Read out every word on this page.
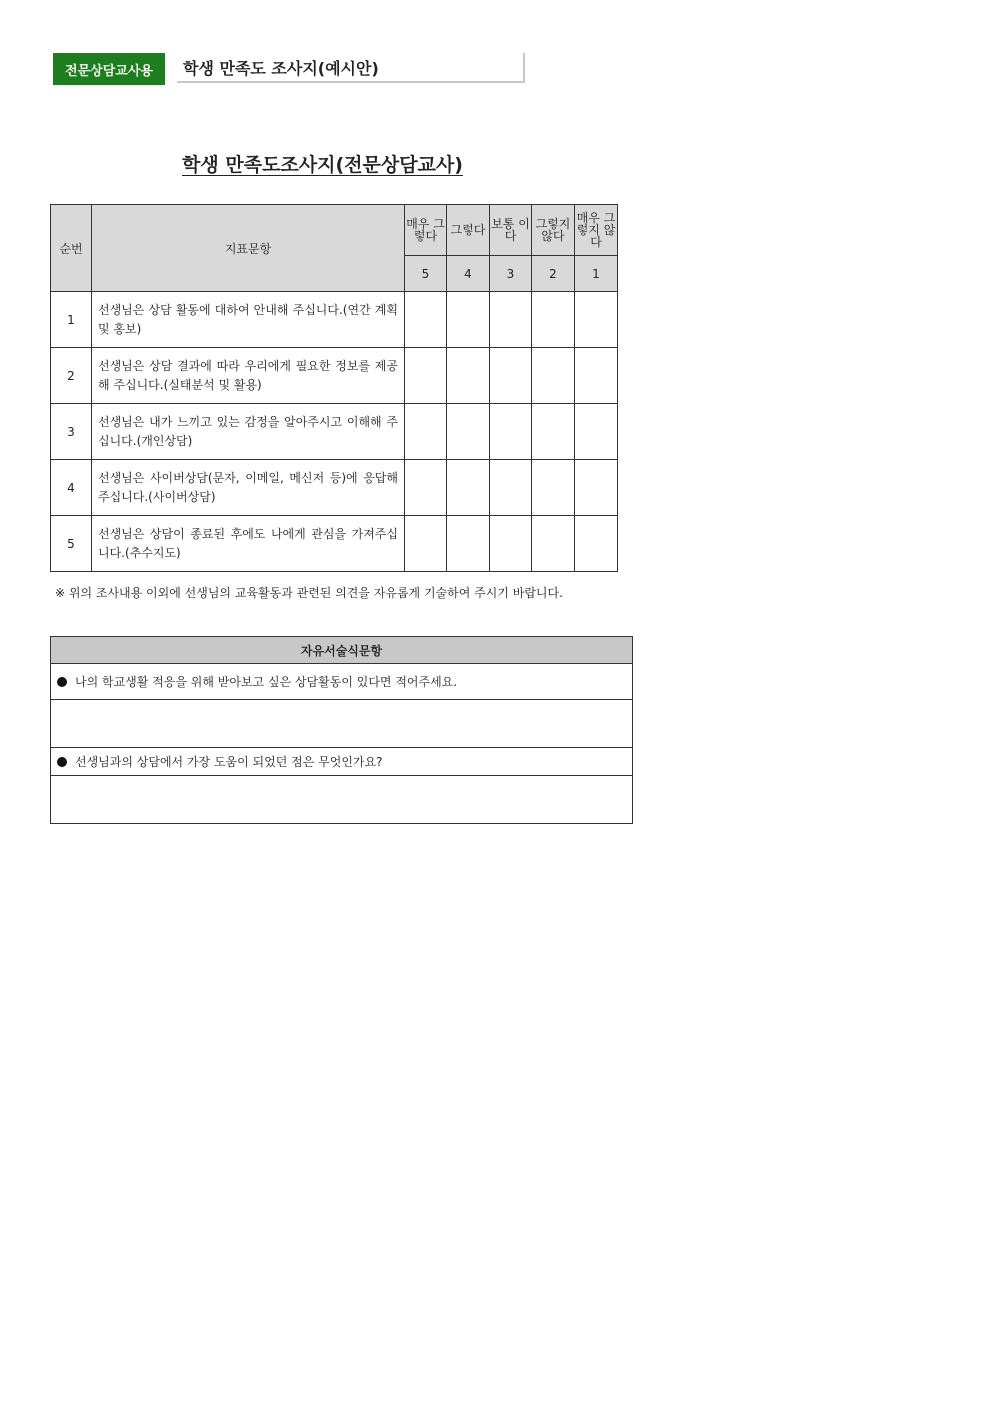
전문상담교사용	학생 만족도 조사지(예시안)
학생 만족도조사지(전문상담교사)
순번	지표문항	매우 그렇다	그렇다	보통 이다	그렇지 않다	매우 그렇지 않다
		5	4	3	2	1
1	선생님은 상담 활동에 대하여 안내해 주십니다.(연간 계획 및 홍보)					
2	선생님은 상담 결과에 따라 우리에게 필요한 정보를 제공해 주십니다.(실태분석 및 활용)					
3	선생님은 내가 느끼고 있는 감정을 알아주시고 이해해 주십니다.(개인상담)					
4	선생님은 사이버상담(문자, 이메일, 메신저 등)에 응답해 주십니다.(사이버상담)					
5	선생님은 상담이 종료된 후에도 나에게 관심을 가져주십니다.(추수지도)					
※ 위의 조사내용 이외에 선생님의 교육활동과 관련된 의견을 자유롭게 기술하여 주시기 바랍니다.
자유서술식문항
나의 학교생활 적응을 위해 받아보고 싶은 상담활동이 있다면 적어주세요.

선생님과의 상담에서 가장 도움이 되었던 점은 무엇인가요?
